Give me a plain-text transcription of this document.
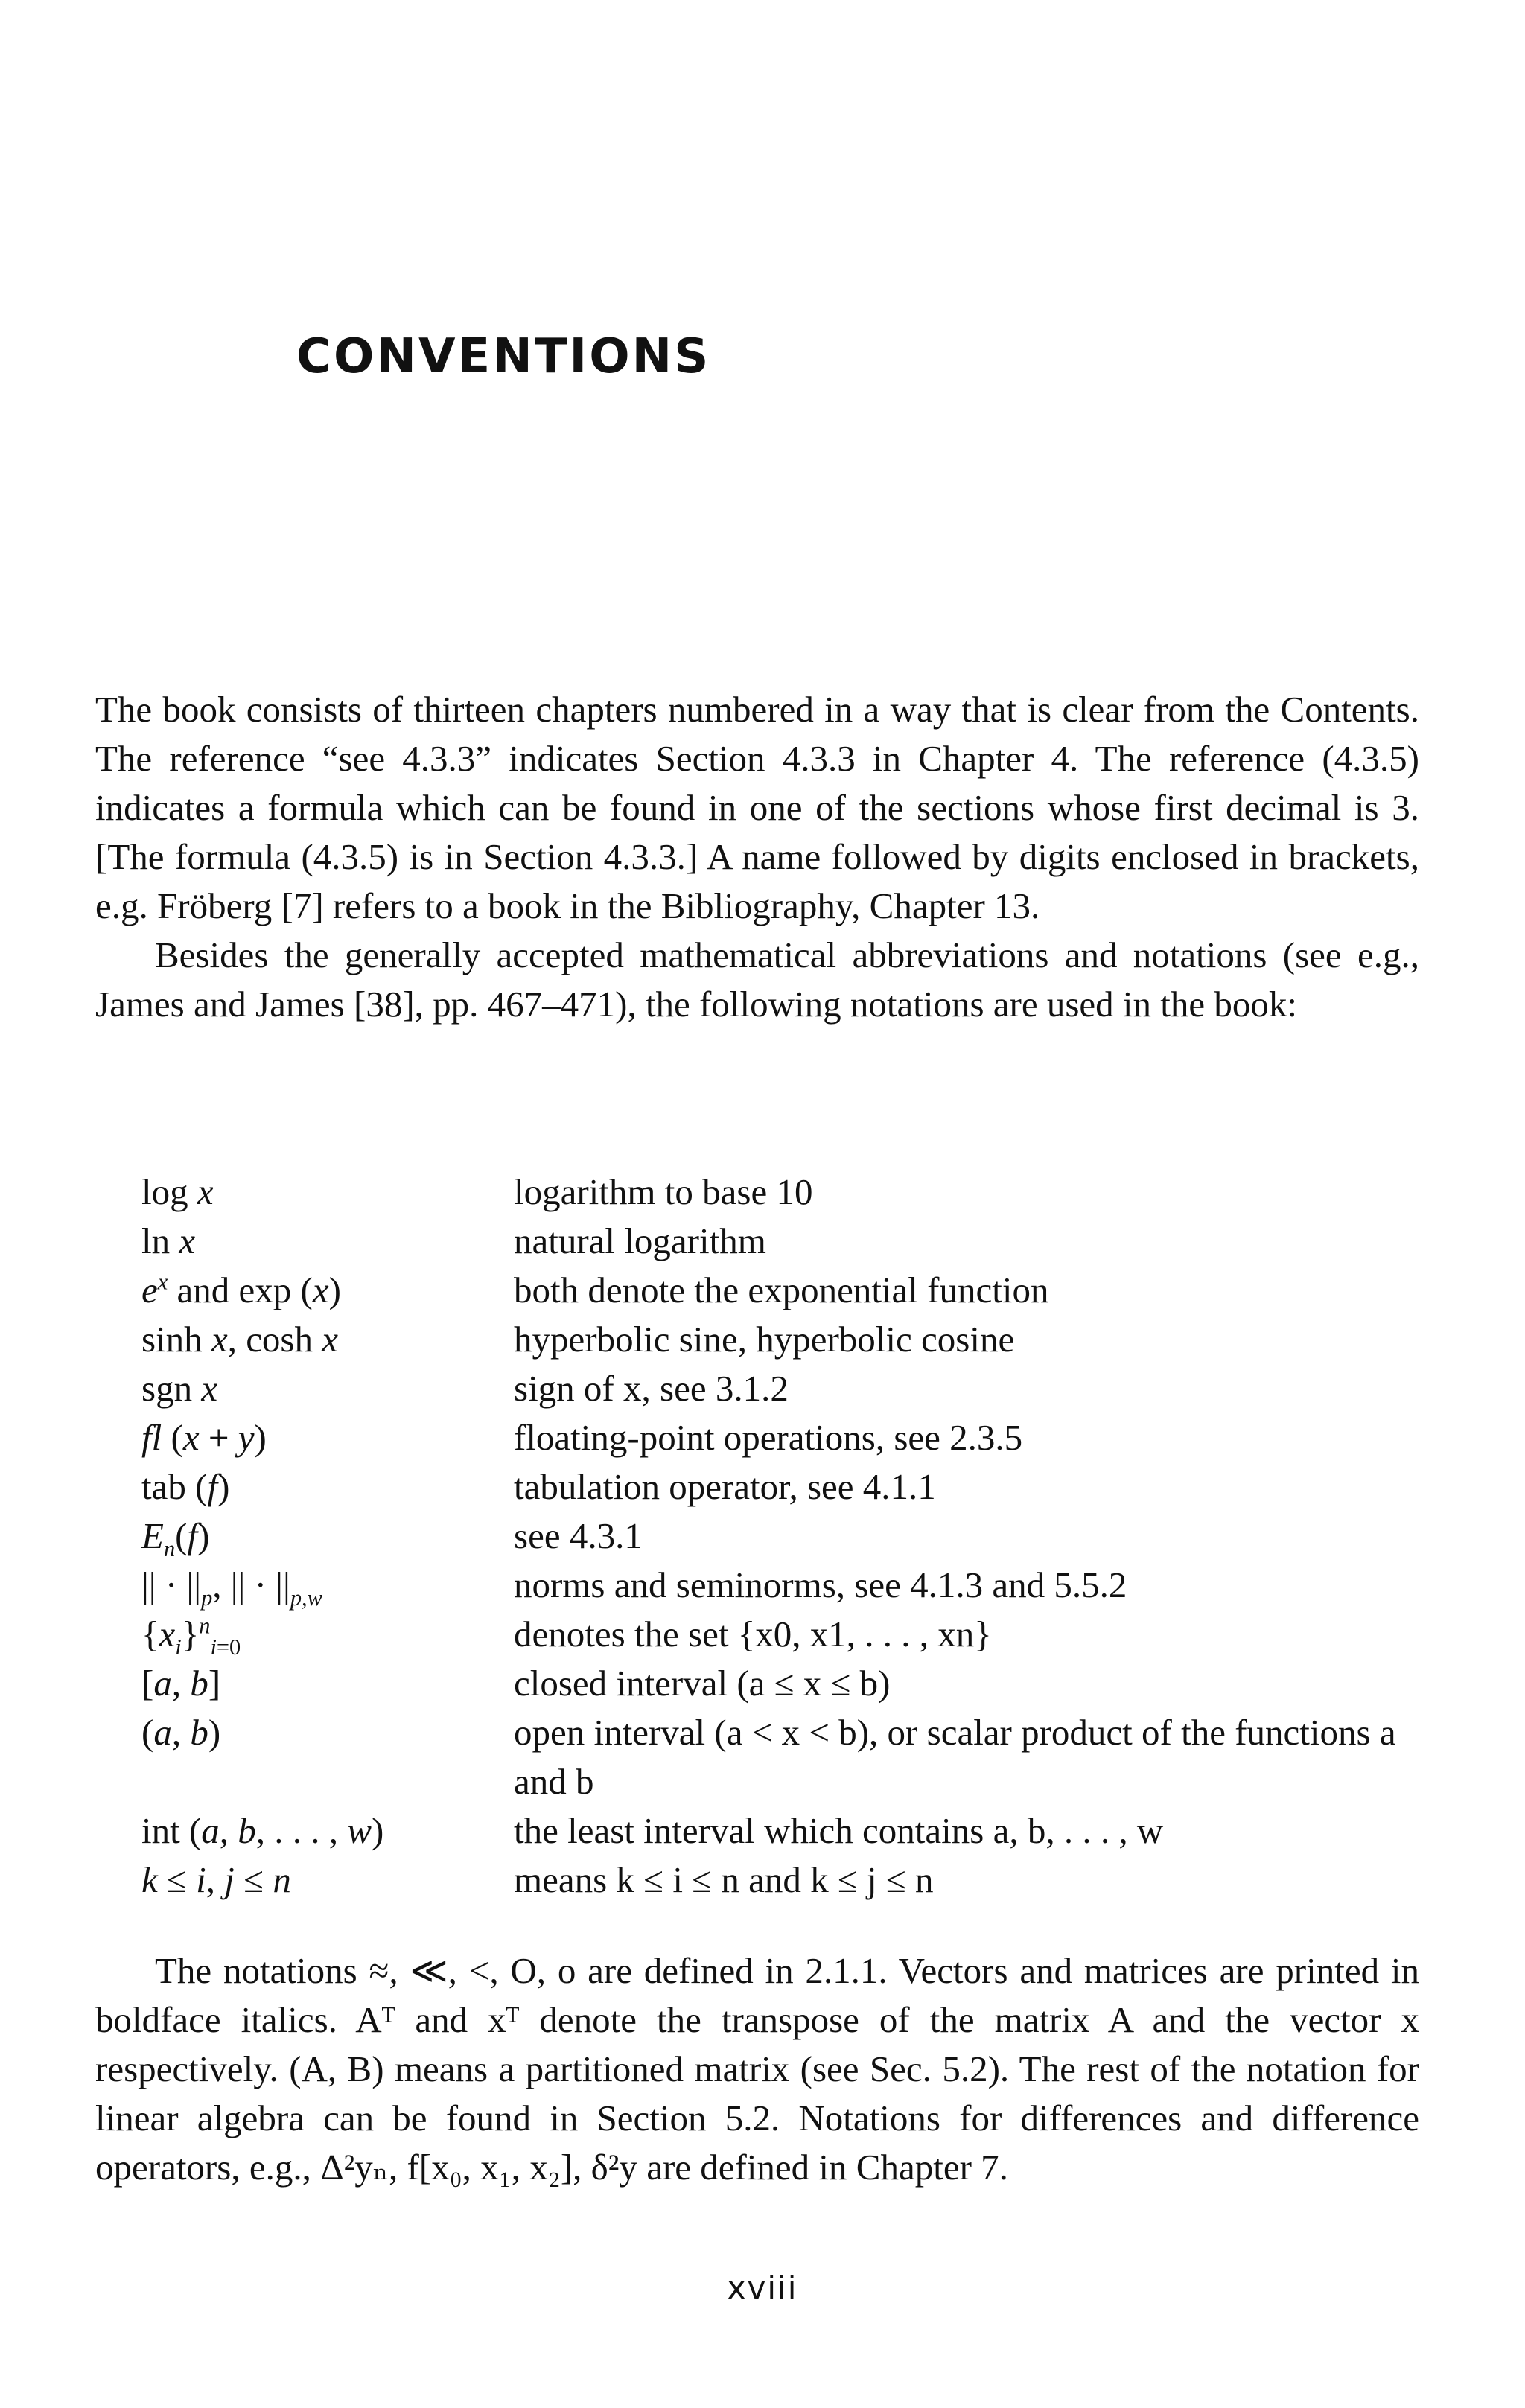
CONVENTIONS

The book consists of thirteen chapters numbered in a way that is clear from the Contents. The reference “see 4.3.3” indicates Section 4.3.3 in Chapter 4. The reference (4.3.5) indicates a formula which can be found in one of the sections whose first decimal is 3. [The formula (4.3.5) is in Section 4.3.3.] A name followed by digits enclosed in brackets, e.g. Fröberg [7] refers to a book in the Bibliography, Chapter 13.

Besides the generally accepted mathematical abbreviations and notations (see e.g., James and James [38], pp. 467–471), the following notations are used in the book:

log x	logarithm to base 10
ln x	natural logarithm
$e^x$ and exp (x)	both denote the exponential function
sinh x, cosh x	hyperbolic sine, hyperbolic cosine
sgn x	sign of x, see 3.1.2
fl (x + y)	floating-point operations, see 2.3.5
tab (f)	tabulation operator, see 4.1.1
$E_n(f)$	see 4.3.1
|| · $||_p$, || · $||_{p,w}$	norms and seminorms, see 4.1.3 and 5.5.2
$\{x_i\}^n_{i=0}$	denotes the set {x0, x1, . . . , xn}
[a, b]	closed interval (a ≤ x ≤ b)
(a, b)	open interval (a < x < b), or scalar product of the functions a and b
int (a, b, . . . , w)	the least interval which contains a, b, . . . , w
k ≤ i, j ≤ n	means k ≤ i ≤ n and k ≤ j ≤ n

The notations ≈, ≪, <, O, o are defined in 2.1.1. Vectors and matrices are printed in boldface italics. Aᵀ and xᵀ denote the transpose of the matrix A and the vector x respectively. (A, B) means a partitioned matrix (see Sec. 5.2). The rest of the notation for linear algebra can be found in Section 5.2. Notations for differences and difference operators, e.g., Δ²yₙ, f[x₀, x₁, x₂], δ²y are defined in Chapter 7.

xviii
